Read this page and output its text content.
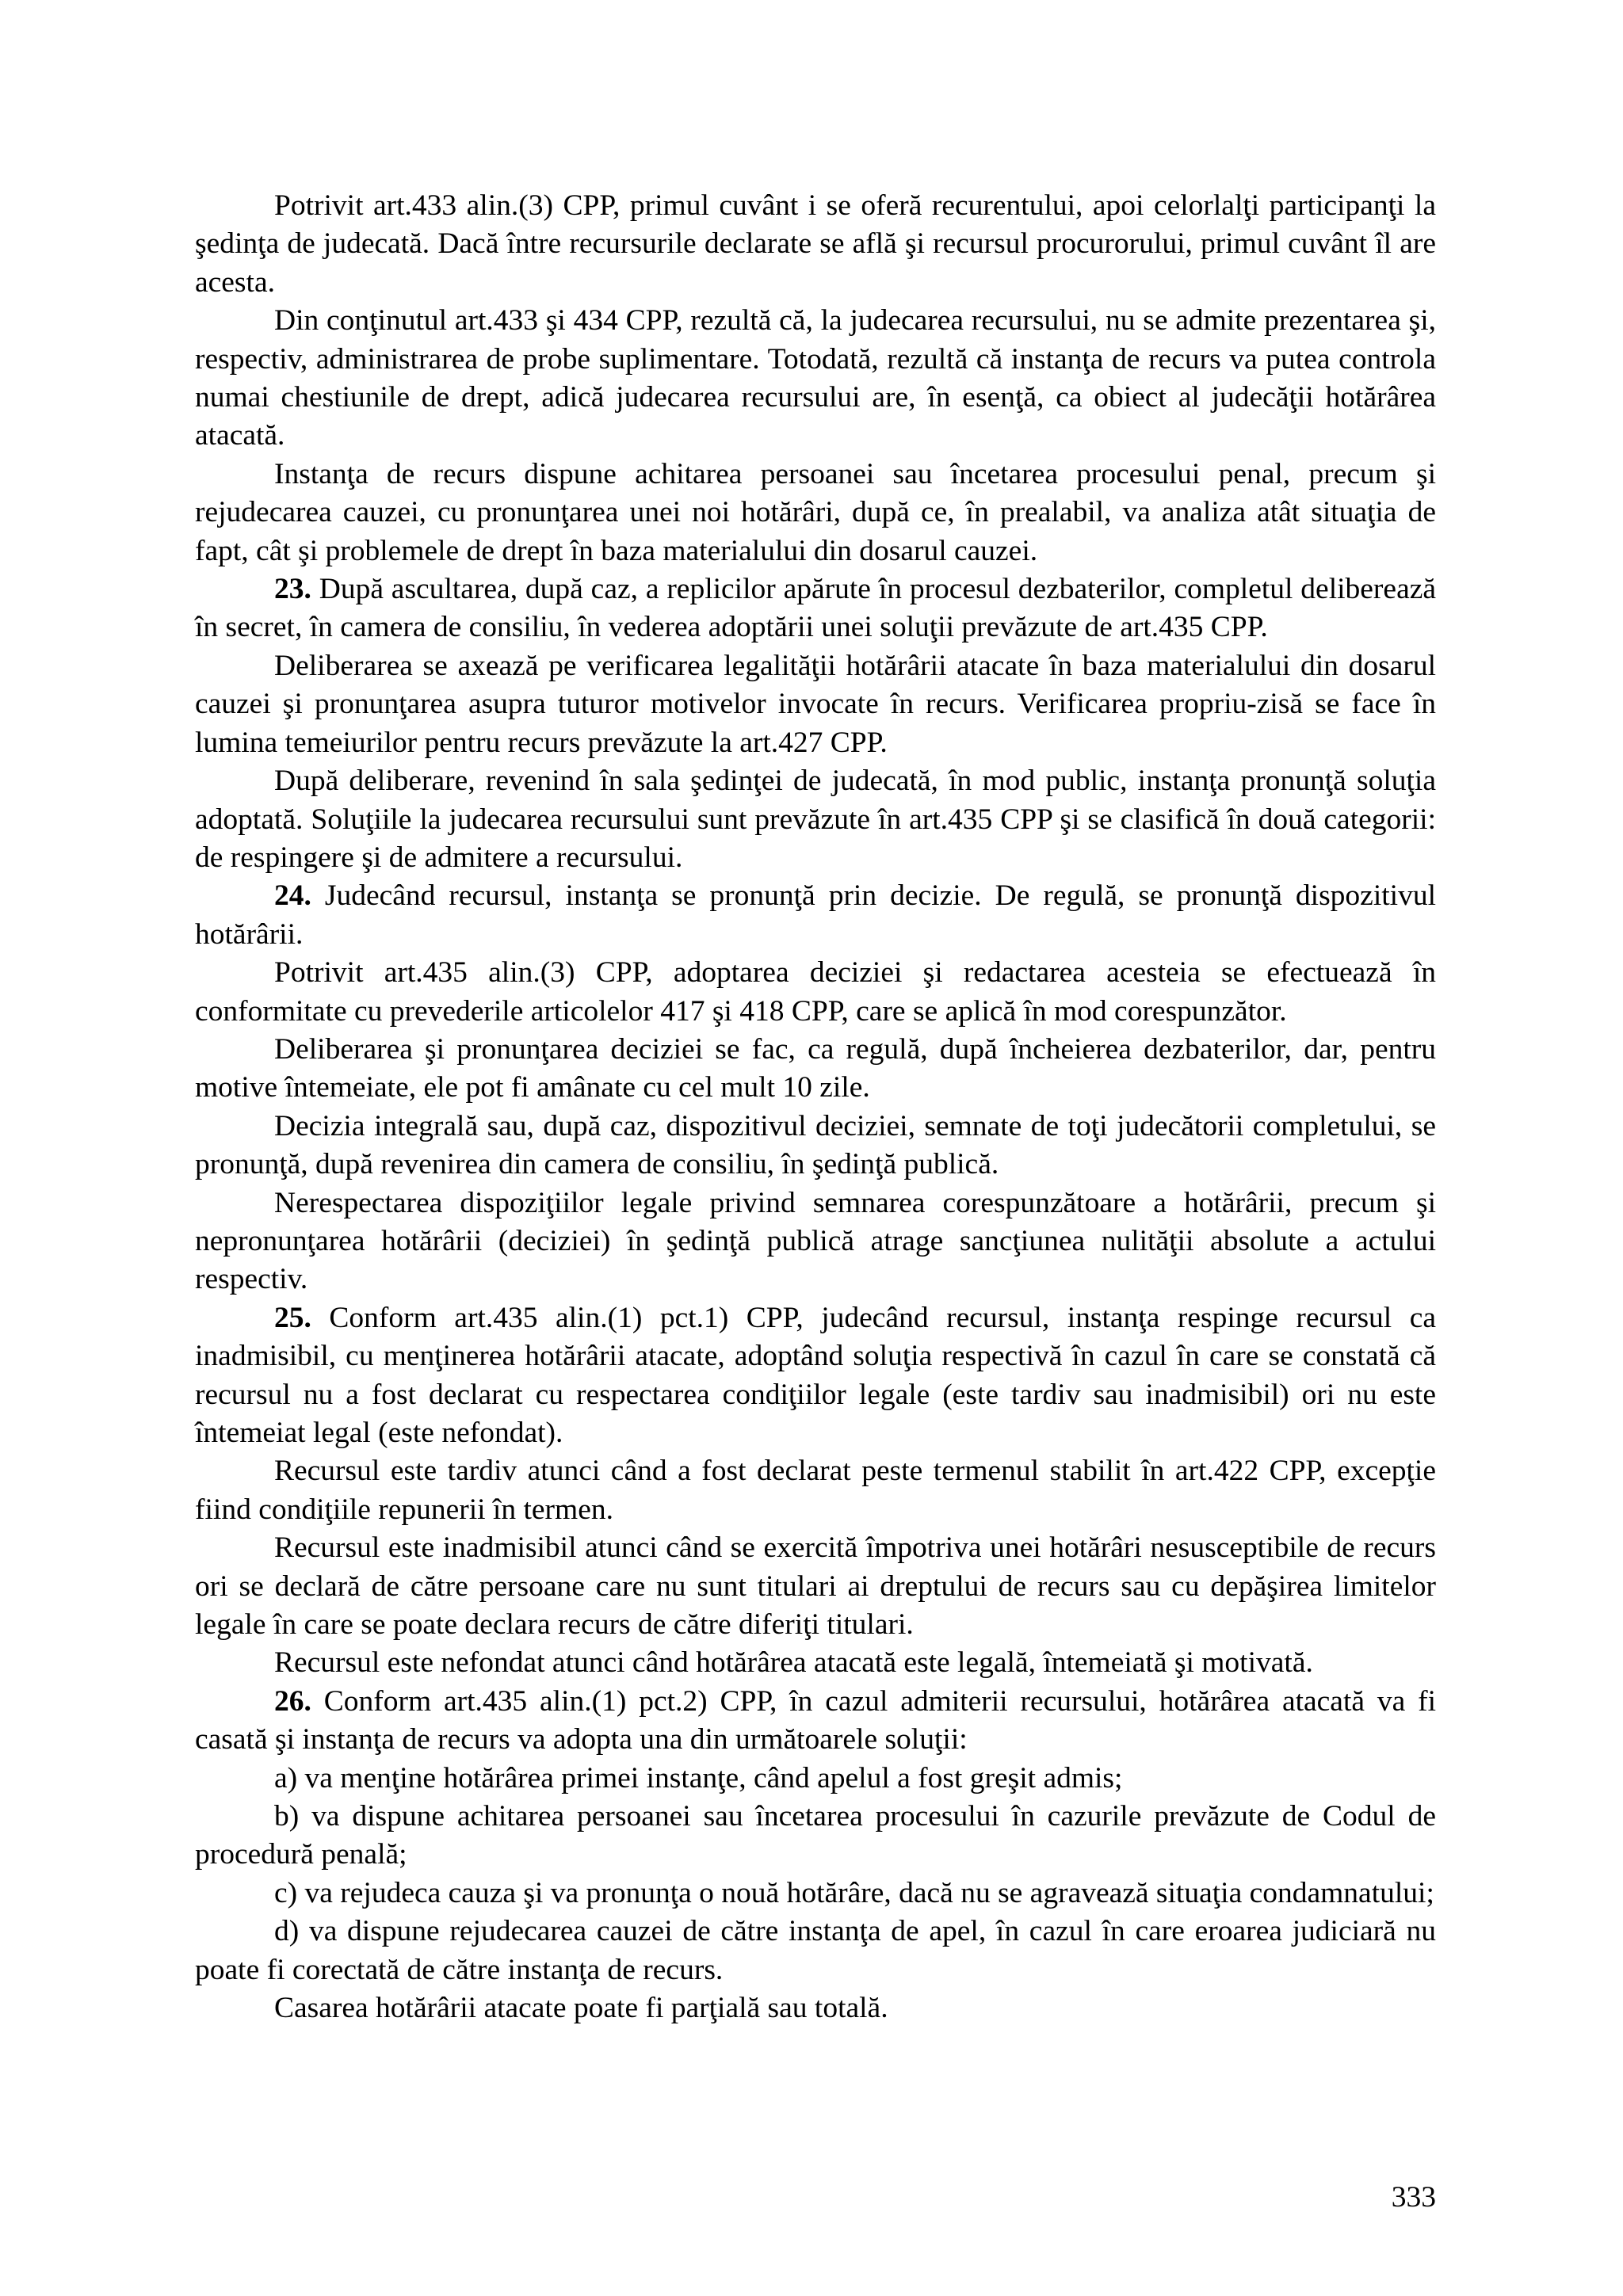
Potrivit art.433 alin.(3) CPP, primul cuvânt i se oferă recurentului, apoi celorlalţi participanţi la şedinţa de judecată. Dacă între recursurile declarate se află şi recursul procurorului, primul cuvânt îl are acesta.

Din conţinutul art.433 şi 434 CPP, rezultă că, la judecarea recursului, nu se admite prezentarea şi, respectiv, administrarea de probe suplimentare. Totodată, rezultă că instanţa de recurs va putea controla numai chestiunile de drept, adică judecarea recursului are, în esenţă, ca obiect al judecăţii hotărârea atacată.

Instanţa de recurs dispune achitarea persoanei sau încetarea procesului penal, precum şi rejudecarea cauzei, cu pronunţarea unei noi hotărâri, după ce, în prealabil, va analiza atât situaţia de fapt, cât şi problemele de drept în baza materialului din dosarul cauzei.

23. După ascultarea, după caz, a replicilor apărute în procesul dezbaterilor, completul deliberează în secret, în camera de consiliu, în vederea adoptării unei soluţii prevăzute de art.435 CPP.

Deliberarea se axează pe verificarea legalităţii hotărârii atacate în baza materialului din dosarul cauzei şi pronunţarea asupra tuturor motivelor invocate în recurs. Verificarea propriu-zisă se face în lumina temeiurilor pentru recurs prevăzute la art.427 CPP.

După deliberare, revenind în sala şedinţei de judecată, în mod public, instanţa pronunţă soluţia adoptată. Soluţiile la judecarea recursului sunt prevăzute în art.435 CPP şi se clasifică în două categorii: de respingere şi de admitere a recursului.

24. Judecând recursul, instanţa se pronunţă prin decizie. De regulă, se pronunţă dispozitivul hotărârii.

Potrivit art.435 alin.(3) CPP, adoptarea deciziei şi redactarea acesteia se efectuează în conformitate cu prevederile articolelor 417 şi 418 CPP, care se aplică în mod corespunzător.

Deliberarea şi pronunţarea deciziei se fac, ca regulă, după încheierea dezbaterilor, dar, pentru motive întemeiate, ele pot fi amânate cu cel mult 10 zile.

Decizia integrală sau, după caz, dispozitivul deciziei, semnate de toţi judecătorii completului, se pronunţă, după revenirea din camera de consiliu, în şedinţă publică.

Nerespectarea dispoziţiilor legale privind semnarea corespunzătoare a hotărârii, precum şi nepronunţarea hotărârii (deciziei) în şedinţă publică atrage sancţiunea nulităţii absolute a actului respectiv.

25. Conform art.435 alin.(1) pct.1) CPP, judecând recursul, instanţa respinge recursul ca inadmisibil, cu menţinerea hotărârii atacate, adoptând soluţia respectivă în cazul în care se constată că recursul nu a fost declarat cu respectarea condiţiilor legale (este tardiv sau inadmisibil) ori nu este întemeiat legal (este nefondat).

Recursul este tardiv atunci când a fost declarat peste termenul stabilit în art.422 CPP, excepţie fiind condiţiile repunerii în termen.

Recursul este inadmisibil atunci când se exercită împotriva unei hotărâri nesusceptibile de recurs ori se declară de către persoane care nu sunt titulari ai dreptului de recurs sau cu depăşirea limitelor legale în care se poate declara recurs de către diferiţi titulari.

Recursul este nefondat atunci când hotărârea atacată este legală, întemeiată şi motivată.

26. Conform art.435 alin.(1) pct.2) CPP, în cazul admiterii recursului, hotărârea atacată va fi casată şi instanţa de recurs va adopta una din următoarele soluţii:

a) va menţine hotărârea primei instanţe, când apelul a fost greşit admis;

b) va dispune achitarea persoanei sau încetarea procesului în cazurile prevăzute de Codul de procedură penală;

c) va rejudeca cauza şi va pronunţa o nouă hotărâre, dacă nu se agravează situaţia condamnatului;

d) va dispune rejudecarea cauzei de către instanţa de apel, în cazul în care eroarea judiciară nu poate fi corectată de către instanţa de recurs.

Casarea hotărârii atacate poate fi parţială sau totală.

333
